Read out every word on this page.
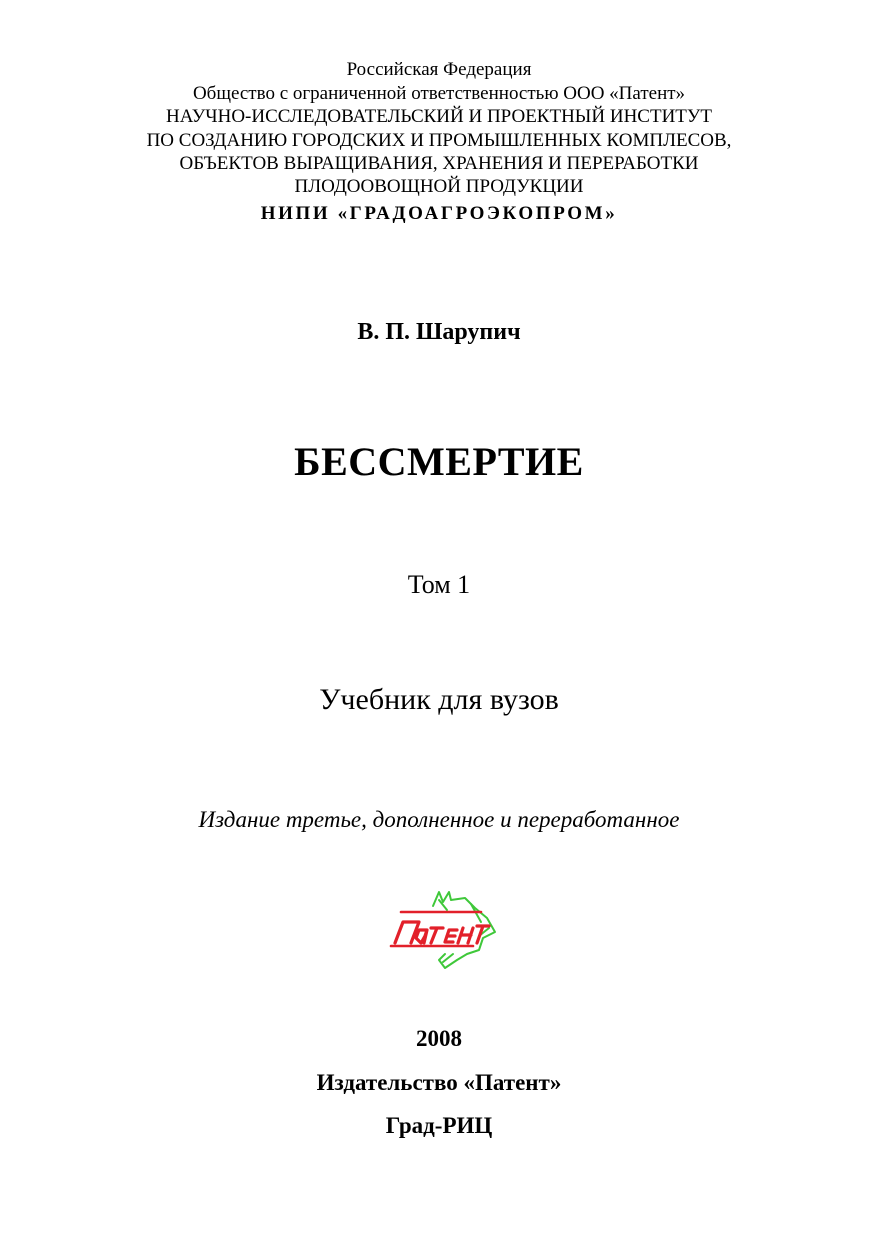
Российская Федерация
Общество с ограниченной ответственностью ООО «Патент»
НАУЧНО-ИССЛЕДОВАТЕЛЬСКИЙ И ПРОЕКТНЫЙ ИНСТИТУТ
ПО СОЗДАНИЮ ГОРОДСКИХ И ПРОМЫШЛЕННЫХ КОМПЛЕСОВ,
ОБЪЕКТОВ ВЫРАЩИВАНИЯ, ХРАНЕНИЯ И ПЕРЕРАБОТКИ
ПЛОДООВОЩНОЙ ПРОДУКЦИИ
НИПИ «ГРАДОАГРОЭКОПРОМ»
В. П. Шарупич
БЕССМЕРТИЕ
Том 1
Учебник для вузов
Издание третье, дополненное и переработанное
2008
Издательство «Патент»
Град-РИЦ
